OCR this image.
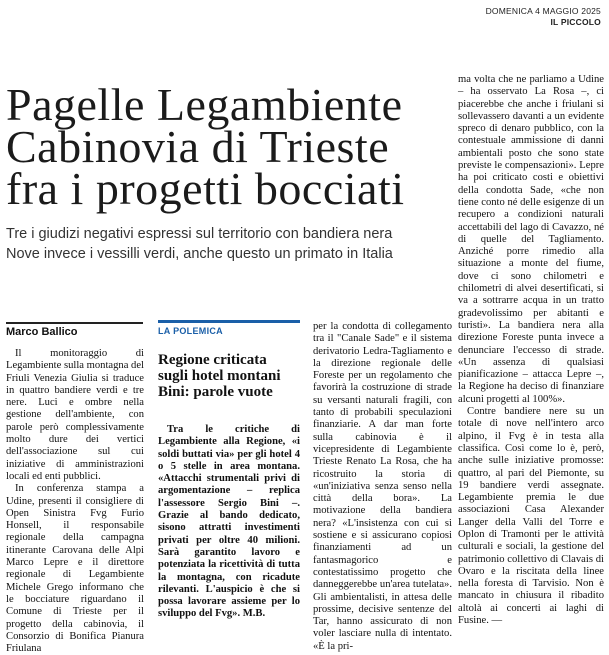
DOMENICA 4 MAGGIO 2025
IL PICCOLO
Pagelle Legambiente
Cabinovia di Trieste
fra i progetti bocciati
Tre i giudizi negativi espressi sul territorio con bandiera nera
Nove invece i vessilli verdi, anche questo un primato in Italia
Marco Ballico

Il monitoraggio di Legambiente sulla montagna del Friuli Venezia Giulia si traduce in quattro bandiere verdi e tre nere. Luci e ombre nella gestione dell'ambiente, con parole però complessivamente molto dure dei vertici dell'associazione sul cui iniziative di amministrazioni locali ed enti pubblici.

In conferenza stampa a Udine, presenti il consigliere di Open Sinistra Fvg Furio Honsell, il responsabile regionale della campagna itinerante Carovana delle Alpi Marco Lepre e il direttore regionale di Legambiente Michele Grego informano che le bocciature riguardano il Comune di Trieste per il progetto della cabinovia, il Consorzio di Bonifica Pianura Friulana

LA POLEMICA
Regione criticata sugli hotel montani Bini: parole vuote

Tra le critiche di Legambiente alla Regione, «i soldi buttati via» per gli hotel 4 o 5 stelle in area montana. «Attacchi strumentali privi di argomentazione – replica l'assessore Sergio Bini –. Grazie al bando dedicato, sisono attratti investimenti privati per oltre 40 milioni. Sarà garantito lavoro e potenziata la ricettività di tutta la montagna, con ricadute rilevanti. L'auspicio è che si possa lavorare assieme per lo sviluppo del Fvg». M.B.

per la condotta di collegamento tra il "Canale Sade" e il sistema derivatorio Ledra-Tagliamento e la direzione regionale delle Foreste per un regolamento che favorirà la costruzione di strade su versanti naturali fragili, con tanto di probabili speculazioni finanziarie. A dar man forte sulla cabinovia è il vicepresidente di Legambiente Trieste Renato La Rosa, che ha ricostruito la storia di «un'iniziativa senza senso nella città della bora». La motivazione della bandiera nera? «L'insistenza con cui si sostiene e si assicurano copiosi finanziamenti ad un fantasmagorico e contestatissimo progetto che danneggerebbe un'area tutelata». Gli ambientalisti, in attesa delle prossime, decisive sentenze del Tar, hanno assicurato di non voler lasciare nulla di intentato. «È la pri-

ma volta che ne parliamo a Udine – ha osservato La Rosa –, ci piacerebbe che anche i friulani si sollevassero davanti a un evidente spreco di denaro pubblico, con la contestuale ammissione di danni ambientali posto che sono state previste le compensazioni». Lepre ha poi criticato costi e obiettivi della condotta Sade, «che non tiene conto né delle esigenze di un recupero a condizioni naturali accettabili del lago di Cavazzo, né di quelle del Tagliamento. Anziché porre rimedio alla situazione a monte del fiume, dove ci sono chilometri e chilometri di alvei desertificati, si va a sottrarre acqua in un tratto gradevolissimo per abitanti e turisti». La bandiera nera alla direzione Foreste punta invece a denunciare l'eccesso di strade. «Un assenza di qualsiasi pianificazione – attacca Lepre –, la Regione ha deciso di finanziare alcuni progetti al 100%».

Contre bandiere nere su un totale di nove nell'intero arco alpino, il Fvg è in testa alla classifica. Così come lo è, però, anche sulle iniziative promosse: quattro, al pari del Piemonte, su 19 bandiere verdi assegnate. Legambiente premia le due associazioni Casa Alexander Langer della Valli del Torre e Oplon di Tramonti per le attività culturali e sociali, la gestione del patrimonio collettivo di Clavais di Ovaro e la riscitata della linee nella foresta di Tarvisio. Non è mancato in chiusura il ribadito altolà ai concerti ai laghi di Fusine. —
